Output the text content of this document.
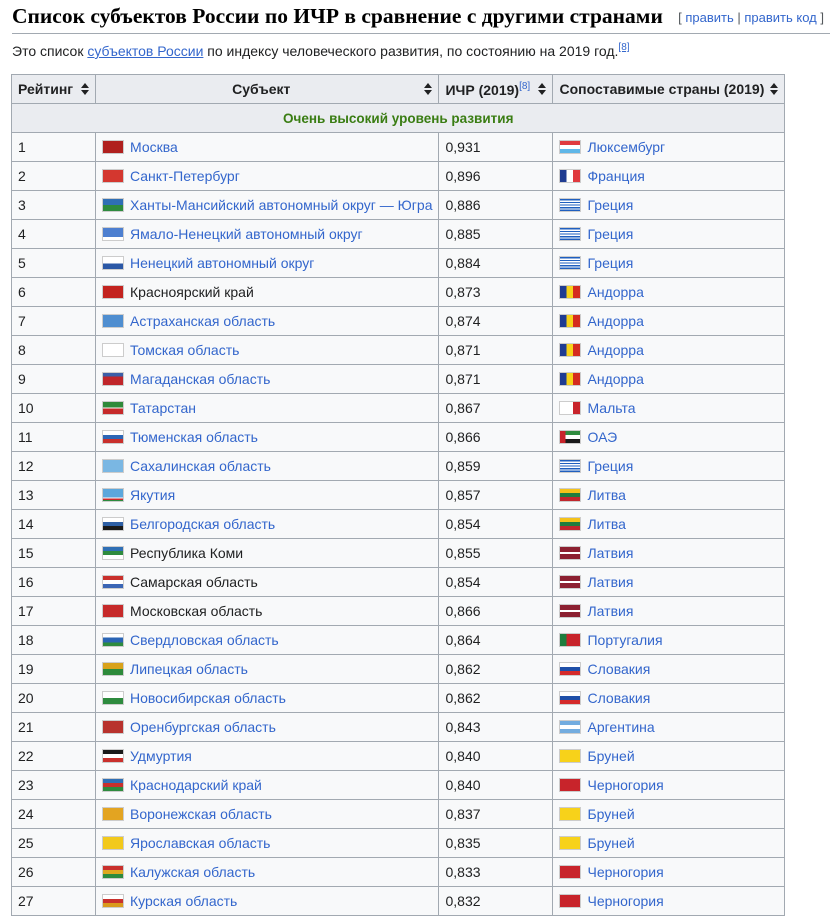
Список субъектов России по ИЧР в сравнение с другими странами [ править | править код ]

Это список субъектов России по индексу человеческого развития, по состоянию на 2019 год.[8]

Рейтинг	Субъект	ИЧР (2019)[8]	Сопоставимые страны (2019)

Очень высокий уровень развития			
1	Москва	0,931	Люксембург
2	Санкт-Петербург	0,896	Франция
3	Ханты-Мансийский автономный округ — Югра	0,886	Греция
4	Ямало-Ненецкий автономный округ	0,885	Греция
5	Ненецкий автономный округ	0,884	Греция
6	Красноярский край	0,873	Андорра
7	Астраханская область	0,874	Андорра
8	Томская область	0,871	Андорра
9	Магаданская область	0,871	Андорра
10	Татарстан	0,867	Мальта
11	Тюменская область	0,866	ОАЭ
12	Сахалинская область	0,859	Греция
13	Якутия	0,857	Литва
14	Белгородская область	0,854	Литва
15	Республика Коми	0,855	Латвия
16	Самарская область	0,854	Латвия
17	Московская область	0,866	Латвия
18	Свердловская область	0,864	Португалия
19	Липецкая область	0,862	Словакия
20	Новосибирская область	0,862	Словакия
21	Оренбургская область	0,843	Аргентина
22	Удмуртия	0,840	Бруней
23	Краснодарский край	0,840	Черногория
24	Воронежская область	0,837	Бруней
25	Ярославская область	0,835	Бруней
26	Калужская область	0,833	Черногория
27	Курская область	0,832	Черногория
